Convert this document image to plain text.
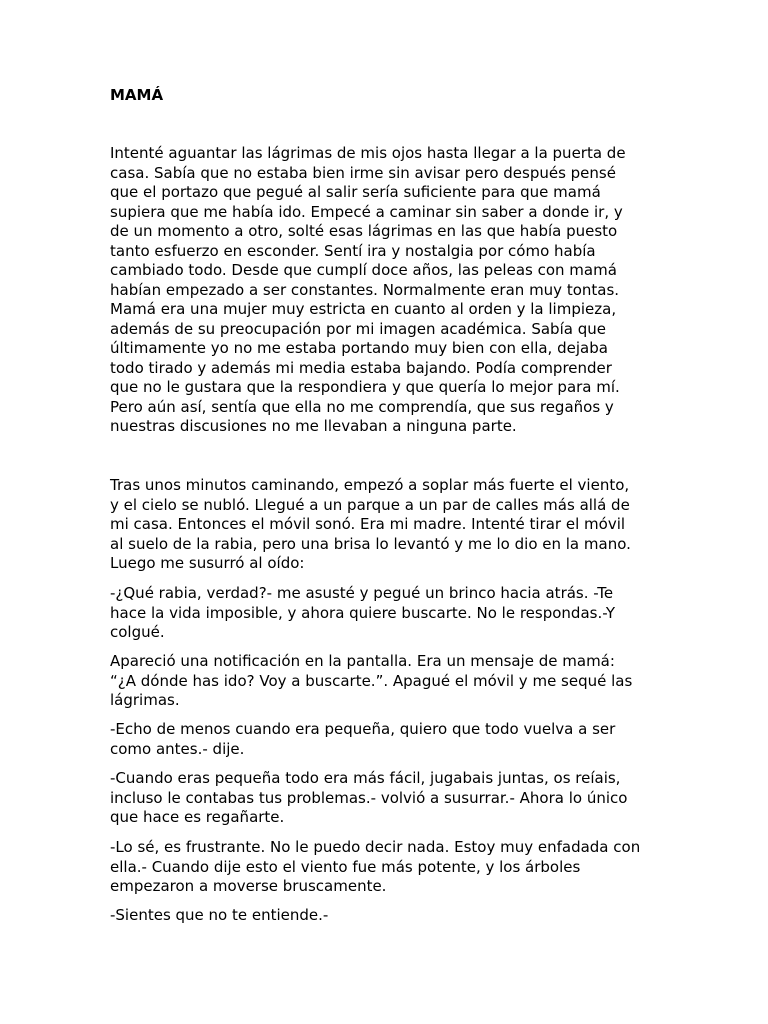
MAMÁ

Intenté aguantar las lágrimas de mis ojos hasta llegar a la puerta de
casa. Sabía que no estaba bien irme sin avisar pero después pensé
que el portazo que pegué al salir sería suficiente para que mamá
supiera que me había ido. Empecé a caminar sin saber a donde ir, y
de un momento a otro, solté esas lágrimas en las que había puesto
tanto esfuerzo en esconder. Sentí ira y nostalgia por cómo había
cambiado todo. Desde que cumplí doce años, las peleas con mamá
habían empezado a ser constantes. Normalmente eran muy tontas.
Mamá era una mujer muy estricta en cuanto al orden y la limpieza,
además de su preocupación por mi imagen académica. Sabía que
últimamente yo no me estaba portando muy bien con ella, dejaba
todo tirado y además mi media estaba bajando. Podía comprender
que no le gustara que la respondiera y que quería lo mejor para mí.
Pero aún así, sentía que ella no me comprendía, que sus regaños y
nuestras discusiones no me llevaban a ninguna parte.

Tras unos minutos caminando, empezó a soplar más fuerte el viento,
y el cielo se nubló. Llegué a un parque a un par de calles más allá de
mi casa. Entonces el móvil sonó. Era mi madre. Intenté tirar el móvil
al suelo de la rabia, pero una brisa lo levantó y me lo dio en la mano.
Luego me susurró al oído:

-¿Qué rabia, verdad?- me asusté y pegué un brinco hacia atrás. -Te
hace la vida imposible, y ahora quiere buscarte. No le respondas.-Y
colgué.

Apareció una notificación en la pantalla. Era un mensaje de mamá:
“¿A dónde has ido? Voy a buscarte.”. Apagué el móvil y me sequé las
lágrimas.

-Echo de menos cuando era pequeña, quiero que todo vuelva a ser
como antes.- dije.

-Cuando eras pequeña todo era más fácil, jugabais juntas, os reíais,
incluso le contabas tus problemas.- volvió a susurrar.- Ahora lo único
que hace es regañarte.

-Lo sé, es frustrante. No le puedo decir nada. Estoy muy enfadada con
ella.- Cuando dije esto el viento fue más potente, y los árboles
empezaron a moverse bruscamente.

-Sientes que no te entiende.-
